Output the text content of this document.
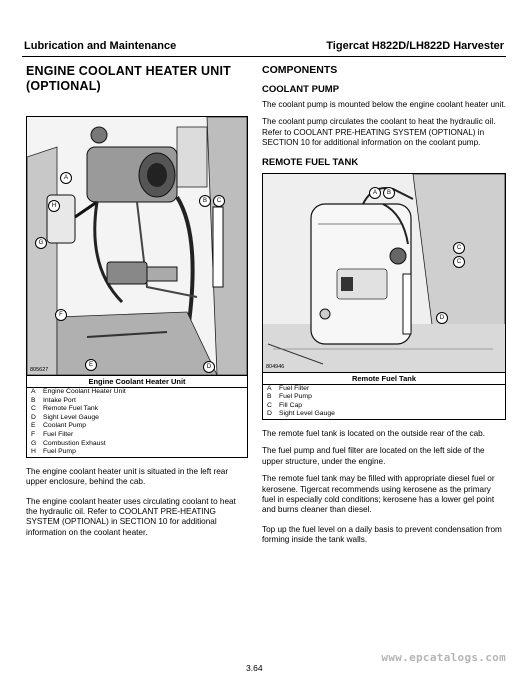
Lubrication and Maintenance	Tigercat H822D/LH822D Harvester
ENGINE COOLANT HEATER UNIT
(OPTIONAL)
A
H
B	C
G
F
E	D
805627
Engine Coolant Heater Unit
A	Engine Coolant Heater Unit
B	Intake Port
C	Remote Fuel Tank
D	Sight Level Gauge
E	Coolant Pump
F	Fuel Filter
G Combustion Exhaust
H	Fuel Pump

The engine coolant heater unit is situated in the left rear upper enclosure, behind the cab.

The engine coolant heater uses circulating coolant to heat the hydraulic oil. Refer to COOLANT PRE-HEATING SYSTEM (OPTIONAL) in SECTION 10 for additional information on the coolant heater.

COMPONENTS
COOLANT PUMP

The coolant pump is mounted below the engine coolant heater unit.

The coolant pump circulates the coolant to heat the hydraulic oil. Refer to COOLANT PRE-HEATING SYSTEM (OPTIONAL) in SECTION 10 for additional information on the coolant pump.

REMOTE FUEL TANK
A	B
C
C
D
804946
Remote Fuel Tank
A	Fuel Filter
B	Fuel Pump
C	Fill Cap
D	Sight Level Gauge

The remote fuel tank is located on the outside rear of the cab.

The fuel pump and fuel filter are located on the left side of the upper structure, under the engine.

The remote fuel tank may be filled with appropriate diesel fuel or kerosene. Tigercat recommends using kerosene as the primary fuel in especially cold conditions; kerosene has a lower gel point and burns cleaner than diesel.

Top up the fuel level on a daily basis to prevent condensation from forming inside the tank walls.

3.64
www.epcatalogs.com
